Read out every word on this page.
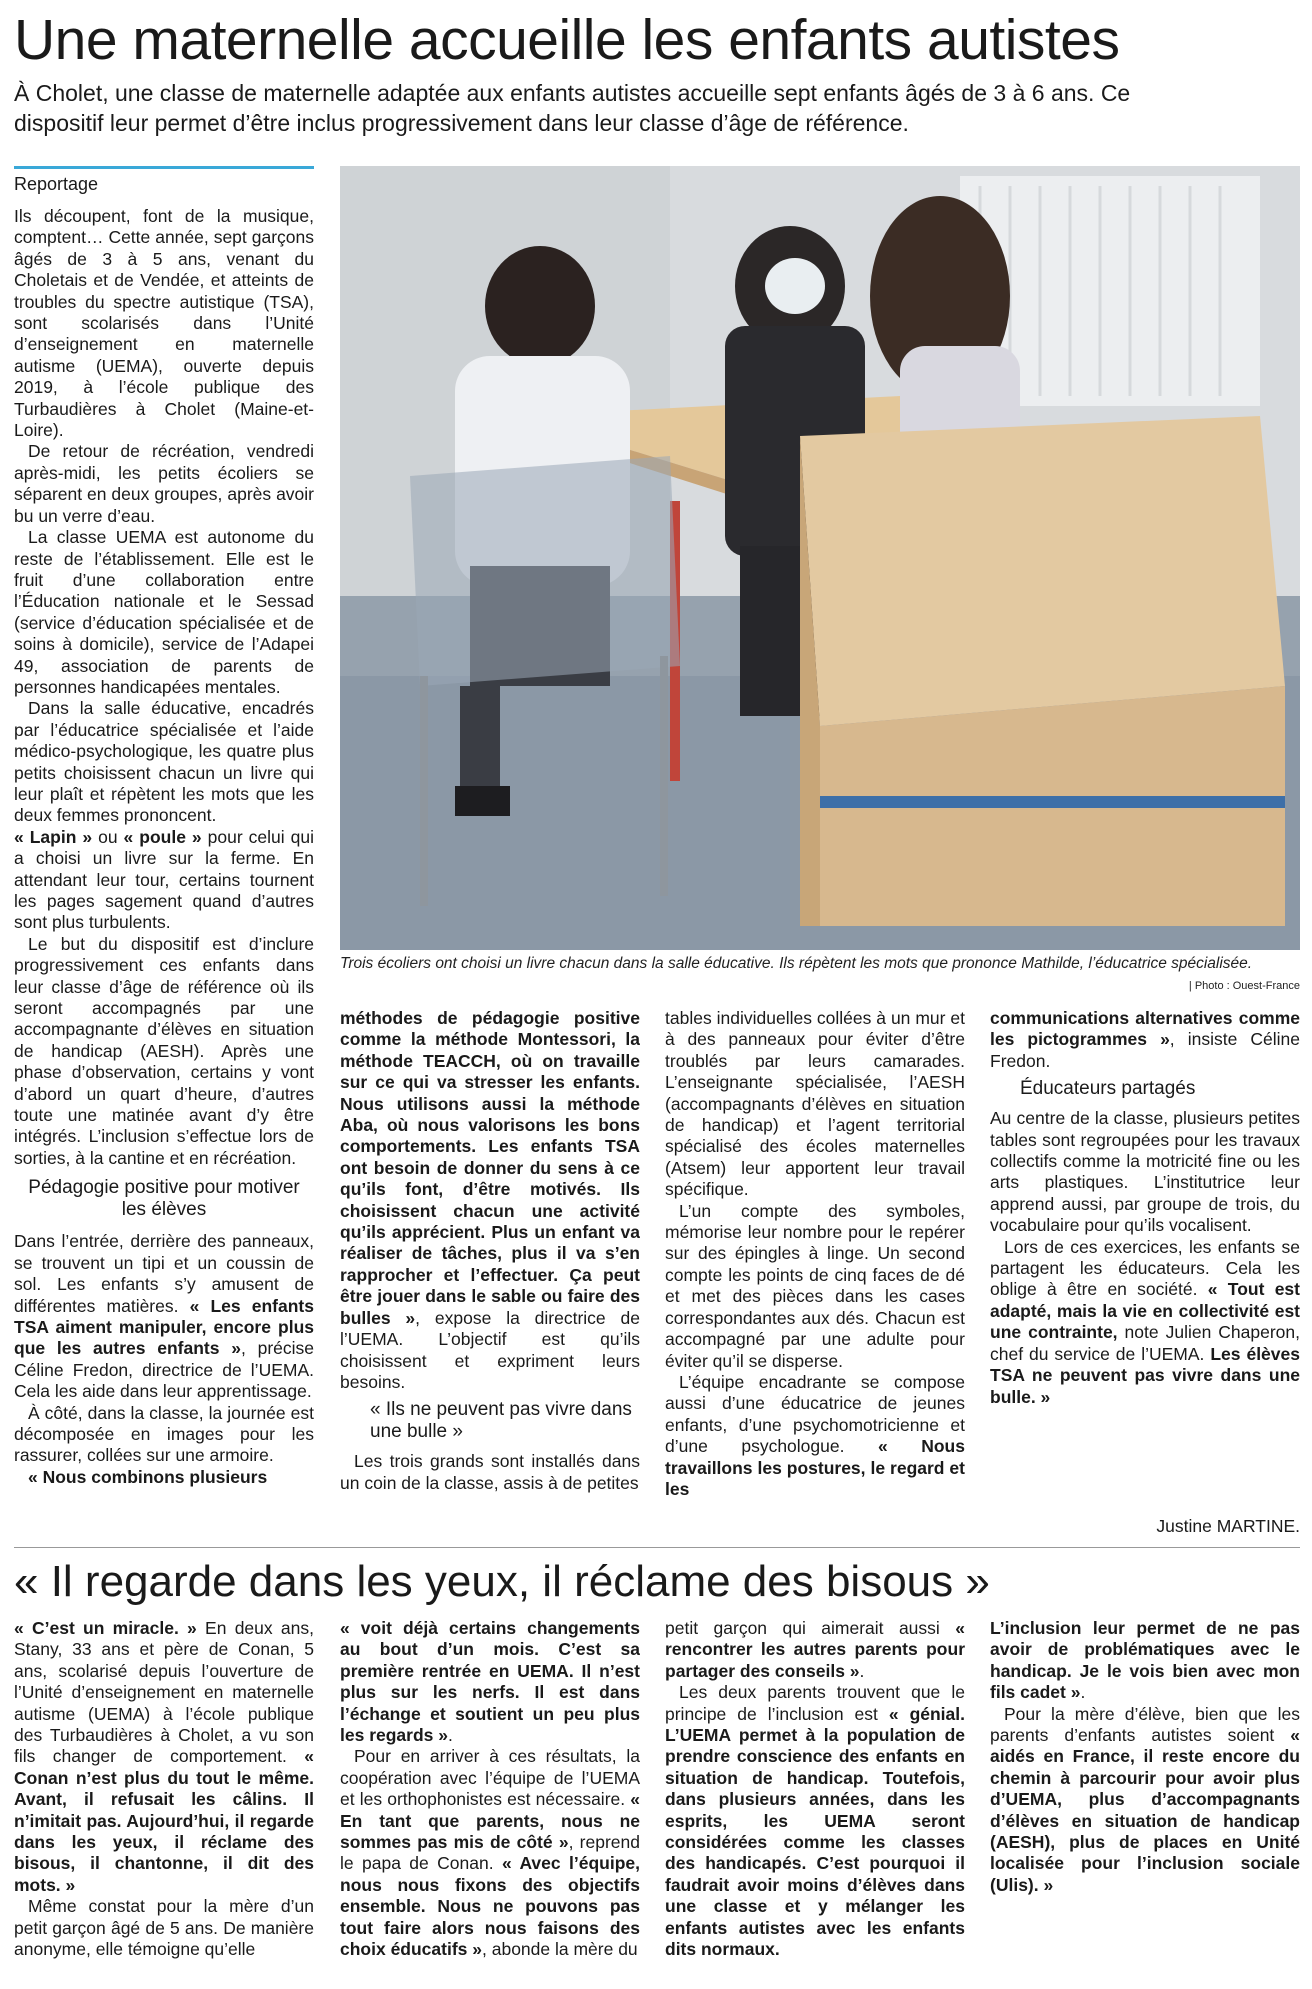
Une maternelle accueille les enfants autistes

À Cholet, une classe de maternelle adaptée aux enfants autistes accueille sept enfants âgés de 3 à 6 ans. Ce dispositif leur permet d’être inclus progressivement dans leur classe d’âge de référence.

Reportage

Ils découpent, font de la musique, comptent… Cette année, sept garçons âgés de 3 à 5 ans, venant du Choletais et de Vendée, et atteints de troubles du spectre autistique (TSA), sont scolarisés dans l’Unité d’enseignement en maternelle autisme (UEMA), ouverte depuis 2019, à l’école publique des Turbaudières à Cholet (Maine-et-Loire).

De retour de récréation, vendredi après-midi, les petits écoliers se séparent en deux groupes, après avoir bu un verre d’eau.

La classe UEMA est autonome du reste de l’établissement. Elle est le fruit d’une collaboration entre l’Éducation nationale et le Sessad (service d’éducation spécialisée et de soins à domicile), service de l’Adapei 49, association de parents de personnes handicapées mentales.

Dans la salle éducative, encadrés par l’éducatrice spécialisée et l’aide médico-psychologique, les quatre plus petits choisissent chacun un livre qui leur plaît et répètent les mots que les deux femmes prononcent.

« Lapin » ou « poule » pour celui qui a choisi un livre sur la ferme. En attendant leur tour, certains tournent les pages sagement quand d’autres sont plus turbulents.

Le but du dispositif est d’inclure progressivement ces enfants dans leur classe d’âge de référence où ils seront accompagnés par une accompagnante d’élèves en situation de handicap (AESH). Après une phase d’observation, certains y vont d’abord un quart d’heure, d’autres toute une matinée avant d’y être intégrés. L’inclusion s’effectue lors de sorties, à la cantine et en récréation.

Pédagogie positive pour motiver les élèves

Dans l’entrée, derrière des panneaux, se trouvent un tipi et un coussin de sol. Les enfants s’y amusent de différentes matières. « Les enfants TSA aiment manipuler, encore plus que les autres enfants », précise Céline Fredon, directrice de l’UEMA. Cela les aide dans leur apprentissage.

À côté, dans la classe, la journée est décomposée en images pour les rassurer, collées sur une armoire.

« Nous combinons plusieurs

Trois écoliers ont choisi un livre chacun dans la salle éducative. Ils répètent les mots que prononce Mathilde, l’éducatrice spécialisée.
| Photo : Ouest-France

méthodes de pédagogie positive comme la méthode Montessori, la méthode TEACCH, où on travaille sur ce qui va stresser les enfants. Nous utilisons aussi la méthode Aba, où nous valorisons les bons comportements. Les enfants TSA ont besoin de donner du sens à ce qu’ils font, d’être motivés. Ils choisissent chacun une activité qu’ils apprécient. Plus un enfant va réaliser de tâches, plus il va s’en rapprocher et l’effectuer. Ça peut être jouer dans le sable ou faire des bulles », expose la directrice de l’UEMA. L’objectif est qu’ils choisissent et expriment leurs besoins.

« Ils ne peuvent pas vivre dans une bulle »

Les trois grands sont installés dans un coin de la classe, assis à de petites

tables individuelles collées à un mur et à des panneaux pour éviter d’être troublés par leurs camarades. L’enseignante spécialisée, l’AESH (accompagnants d’élèves en situation de handicap) et l’agent territorial spécialisé des écoles maternelles (Atsem) leur apportent leur travail spécifique.

L’un compte des symboles, mémorise leur nombre pour le repérer sur des épingles à linge. Un second compte les points de cinq faces de dé et met des pièces dans les cases correspondantes aux dés. Chacun est accompagné par une adulte pour éviter qu’il se disperse.

L’équipe encadrante se compose aussi d’une éducatrice de jeunes enfants, d’une psychomotricienne et d’une psychologue. « Nous travaillons les postures, le regard et les

communications alternatives comme les pictogrammes », insiste Céline Fredon.

Éducateurs partagés

Au centre de la classe, plusieurs petites tables sont regroupées pour les travaux collectifs comme la motricité fine ou les arts plastiques. L’institutrice leur apprend aussi, par groupe de trois, du vocabulaire pour qu’ils vocalisent.

Lors de ces exercices, les enfants se partagent les éducateurs. Cela les oblige à être en société. « Tout est adapté, mais la vie en collectivité est une contrainte, note Julien Chaperon, chef du service de l’UEMA. Les élèves TSA ne peuvent pas vivre dans une bulle. »

Justine MARTINE.
« Il regarde dans les yeux, il réclame des bisous »

« C’est un miracle. » En deux ans, Stany, 33 ans et père de Conan, 5 ans, scolarisé depuis l’ouverture de l’Unité d’enseignement en maternelle autisme (UEMA) à l’école publique des Turbaudières à Cholet, a vu son fils changer de comportement. « Conan n’est plus du tout le même. Avant, il refusait les câlins. Il n’imitait pas. Aujourd’hui, il regarde dans les yeux, il réclame des bisous, il chantonne, il dit des mots. »

Même constat pour la mère d’un petit garçon âgé de 5 ans. De manière anonyme, elle témoigne qu’elle

« voit déjà certains changements au bout d’un mois. C’est sa première rentrée en UEMA. Il n’est plus sur les nerfs. Il est dans l’échange et soutient un peu plus les regards ».

Pour en arriver à ces résultats, la coopération avec l’équipe de l’UEMA et les orthophonistes est nécessaire. « En tant que parents, nous ne sommes pas mis de côté », reprend le papa de Conan. « Avec l’équipe, nous nous fixons des objectifs ensemble. Nous ne pouvons pas tout faire alors nous faisons des choix éducatifs », abonde la mère du

petit garçon qui aimerait aussi « rencontrer les autres parents pour partager des conseils ».

Les deux parents trouvent que le principe de l’inclusion est « génial. L’UEMA permet à la population de prendre conscience des enfants en situation de handicap. Toutefois, dans plusieurs années, dans les esprits, les UEMA seront considérées comme les classes des handicapés. C’est pourquoi il faudrait avoir moins d’élèves dans une classe et y mélanger les enfants autistes avec les enfants dits normaux.

L’inclusion leur permet de ne pas avoir de problématiques avec le handicap. Je le vois bien avec mon fils cadet ».

Pour la mère d’élève, bien que les parents d’enfants autistes soient « aidés en France, il reste encore du chemin à parcourir pour avoir plus d’UEMA, plus d’accompagnants d’élèves en situation de handicap (AESH), plus de places en Unité localisée pour l’inclusion sociale (Ulis). »
